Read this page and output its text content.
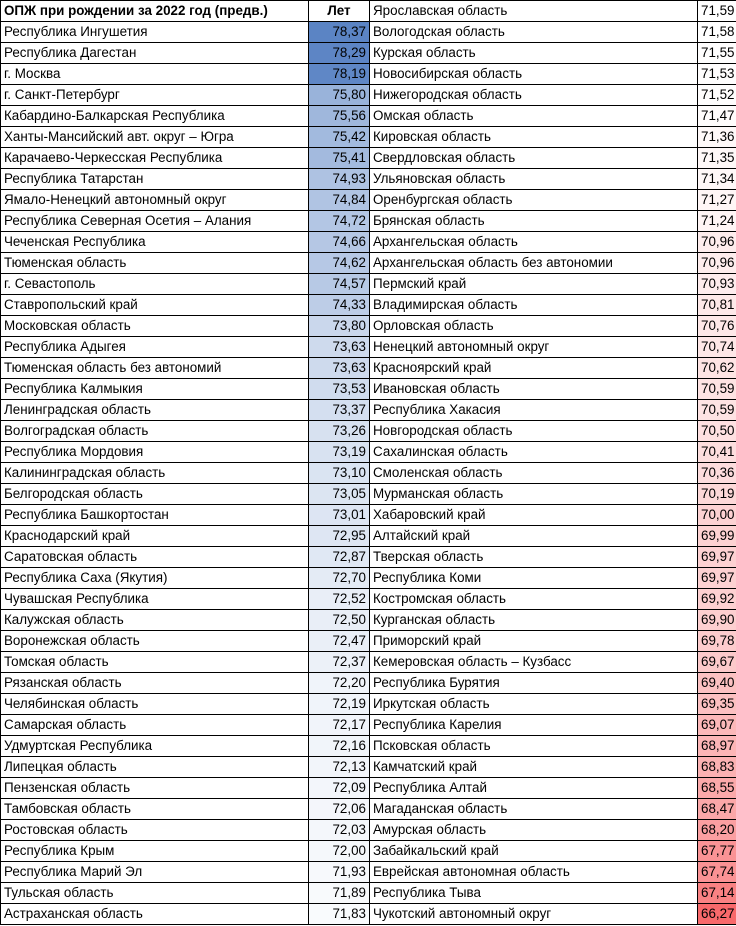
ОПЖ при рождении за 2022 год (предв.)	Лет	Ярославская область	71,59
Республика Ингушетия	78,37	Вологодская область	71,58
Республика Дагестан	78,29	Курская область	71,55
г. Москва	78,19	Новосибирская область	71,53
г. Санкт-Петербург	75,80	Нижегородская область	71,52
Кабардино-Балкарская Республика	75,56	Омская область	71,47
Ханты-Мансийский авт. округ – Югра	75,42	Кировская область	71,36
Карачаево-Черкесская Республика	75,41	Свердловская область	71,35
Республика Татарстан	74,93	Ульяновская область	71,34
Ямало-Ненецкий автономный округ	74,84	Оренбургская область	71,27
Республика Северная Осетия – Алания	74,72	Брянская область	71,24
Чеченская Республика	74,66	Архангельская область	70,96
Тюменская область	74,62	Архангельская область без автономии	70,96
г. Севастополь	74,57	Пермский край	70,93
Ставропольский край	74,33	Владимирская область	70,81
Московская область	73,80	Орловская область	70,76
Республика Адыгея	73,63	Ненецкий автономный округ	70,74
Тюменская область без автономий	73,63	Красноярский край	70,62
Республика Калмыкия	73,53	Ивановская область	70,59
Ленинградская область	73,37	Республика Хакасия	70,59
Волгоградская область	73,26	Новгородская область	70,50
Республика Мордовия	73,19	Сахалинская область	70,41
Калининградская область	73,10	Смоленская область	70,36
Белгородская область	73,05	Мурманская область	70,19
Республика Башкортостан	73,01	Хабаровский край	70,00
Краснодарский край	72,95	Алтайский край	69,99
Саратовская область	72,87	Тверская область	69,97
Республика Саха (Якутия)	72,70	Республика Коми	69,97
Чувашская Республика	72,52	Костромская область	69,92
Калужская область	72,50	Курганская область	69,90
Воронежская область	72,47	Приморский край	69,78
Томская область	72,37	Кемеровская область – Кузбасс	69,67
Рязанская область	72,20	Республика Бурятия	69,40
Челябинская область	72,19	Иркутская область	69,35
Самарская область	72,17	Республика Карелия	69,07
Удмуртская Республика	72,16	Псковская область	68,97
Липецкая область	72,13	Камчатский край	68,83
Пензенская область	72,09	Республика Алтай	68,55
Тамбовская область	72,06	Магаданская область	68,47
Ростовская область	72,03	Амурская область	68,20
Республика Крым	72,00	Забайкальский край	67,77
Республика Марий Эл	71,93	Еврейская автономная область	67,74
Тульская область	71,89	Республика Тыва	67,14
Астраханская область	71,83	Чукотский автономный округ	66,27
